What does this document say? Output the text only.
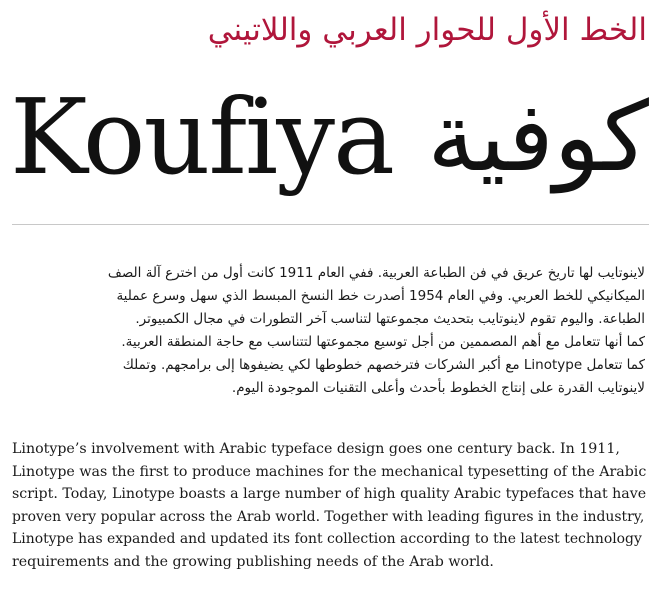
الخط الأول للحوار العربي واللاتيني
Koufiya كوفية
لاينوتايب لها تاريخ عريق في فن الطباعة العربية. ففي العام 1911 كانت أول من اخترع آلة الصف
الميكانيكي للخط العربي. وفي العام 1954 أصدرت خط النسخ المبسط الذي سهل وسرع عملية
الطباعة. واليوم تقوم لاينوتايب بتحديث مجموعتها لتناسب آخر التطورات في مجال الكمبيوتر.
كما أنها تتعامل مع أهم المصممين من أجل توسيع مجموعتها لتتناسب مع حاجة المنطقة العربية.
كما تتعامل Linotype مع أكبر الشركات فترخصهم خطوطها لكي يضيفوها إلى برامجهم. وتملك
لاينوتايب القدرة على إنتاج الخطوط بأحدث وأعلى التقنيات الموجودة اليوم.
Linotype’s involvement with Arabic typeface design goes one century back. In 1911,
Linotype was the first to produce machines for the mechanical typesetting of the Arabic
script. Today, Linotype boasts a large number of high quality Arabic typefaces that have
proven very popular across the Arab world. Together with leading figures in the industry,
Linotype has expanded and updated its font collection according to the latest technology
requirements and the growing publishing needs of the Arab world.
